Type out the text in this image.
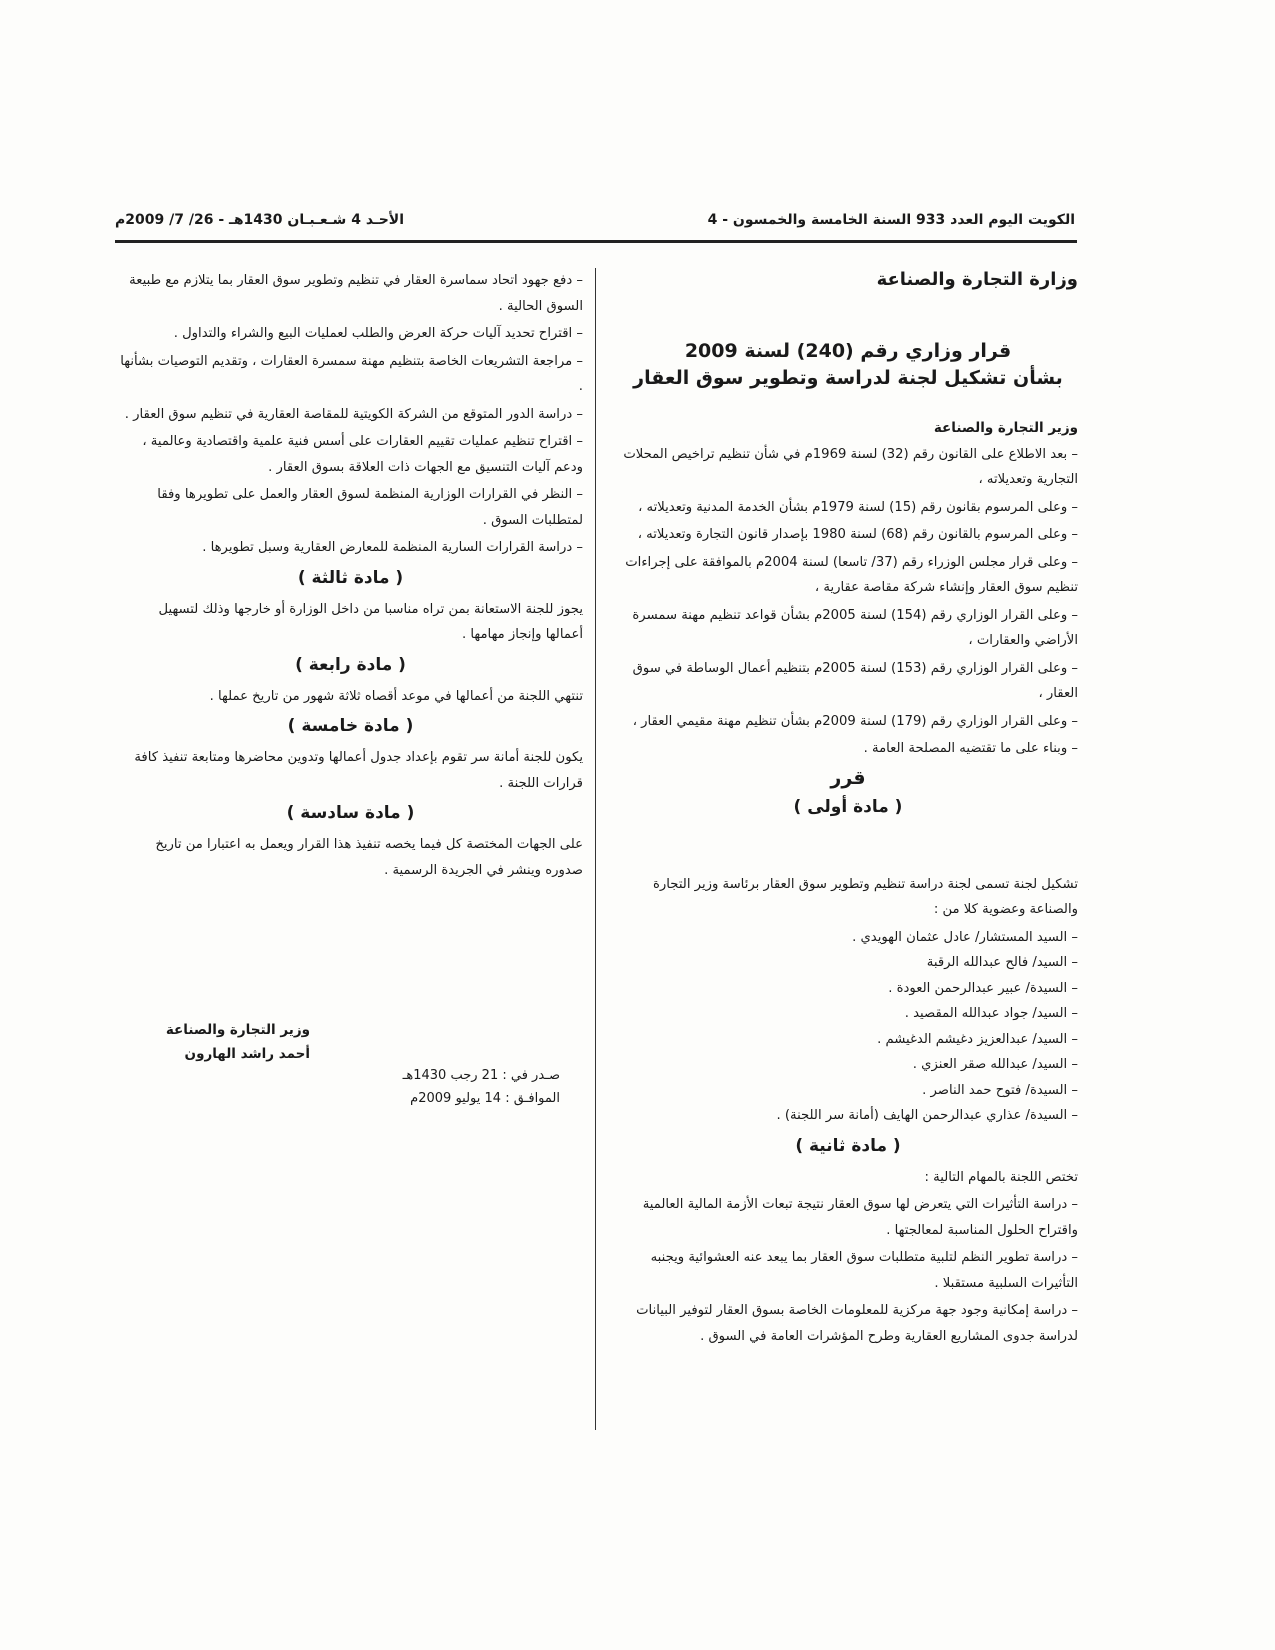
الكويت اليوم العدد 933 السنة الخامسة والخمسون - 4
الأحـد 4 شـعـبـان 1430هـ - 26/ 7/ 2009م
وزارة التجارة والصناعة
قرار وزاري رقم (240) لسنة 2009
بشأن تشكيل لجنة لدراسة وتطوير سوق العقار
وزير التجارة والصناعة

– بعد الاطلاع على القانون رقم (32) لسنة 1969م في شأن تنظيم تراخيص المحلات التجارية وتعديلاته ،

– وعلى المرسوم بقانون رقم (15) لسنة 1979م بشأن الخدمة المدنية وتعديلاته ،

– وعلى المرسوم بالقانون رقم (68) لسنة 1980 بإصدار قانون التجارة وتعديلاته ،

– وعلى قرار مجلس الوزراء رقم (37/ تاسعا) لسنة 2004م بالموافقة على إجراءات تنظيم سوق العقار وإنشاء شركة مقاصة عقارية ،

– وعلى القرار الوزاري رقم (154) لسنة 2005م بشأن قواعد تنظيم مهنة سمسرة الأراضي والعقارات ،

– وعلى القرار الوزاري رقم (153) لسنة 2005م بتنظيم أعمال الوساطة في سوق العقار ،

– وعلى القرار الوزاري رقم (179) لسنة 2009م بشأن تنظيم مهنة مقيمي العقار ،

– وبناء على ما تقتضيه المصلحة العامة .

قرر
( مادة أولى )

تشكيل لجنة تسمى لجنة دراسة تنظيم وتطوير سوق العقار برئاسة وزير التجارة والصناعة وعضوية كلا من :

– السيد المستشار/ عادل عثمان الهويدي .

– السيد/ فالح عبدالله الرقبة

– السيدة/ عبير عبدالرحمن العودة .

– السيد/ جواد عبدالله المقصيد .

– السيد/ عبدالعزيز دغيشم الدغيشم .

– السيد/ عبدالله صقر العنزي .

– السيدة/ فتوح حمد الناصر .

– السيدة/ عذاري عبدالرحمن الهايف (أمانة سر اللجنة) .

( مادة ثانية )

تختص اللجنة بالمهام التالية :

– دراسة التأثيرات التي يتعرض لها سوق العقار نتيجة تبعات الأزمة المالية العالمية واقتراح الحلول المناسبة لمعالجتها .

– دراسة تطوير النظم لتلبية متطلبات سوق العقار بما يبعد عنه العشوائية ويجنبه التأثيرات السلبية مستقبلا .

– دراسة إمكانية وجود جهة مركزية للمعلومات الخاصة بسوق العقار لتوفير البيانات لدراسة جدوى المشاريع العقارية وطرح المؤشرات العامة في السوق .

– دفع جهود اتحاد سماسرة العقار في تنظيم وتطوير سوق العقار بما يتلازم مع طبيعة السوق الحالية .

– اقتراح تحديد آليات حركة العرض والطلب لعمليات البيع والشراء والتداول .

– مراجعة التشريعات الخاصة بتنظيم مهنة سمسرة العقارات ، وتقديم التوصيات بشأنها .

– دراسة الدور المتوقع من الشركة الكويتية للمقاصة العقارية في تنظيم سوق العقار .

– اقتراح تنظيم عمليات تقييم العقارات على أسس فنية علمية واقتصادية وعالمية ، ودعم آليات التنسيق مع الجهات ذات العلاقة بسوق العقار .

– النظر في القرارات الوزارية المنظمة لسوق العقار والعمل على تطويرها وفقا لمتطلبات السوق .

– دراسة القرارات السارية المنظمة للمعارض العقارية وسبل تطويرها .

( مادة ثالثة )

يجوز للجنة الاستعانة بمن تراه مناسبا من داخل الوزارة أو خارجها وذلك لتسهيل أعمالها وإنجاز مهامها .

( مادة رابعة )

تنتهي اللجنة من أعمالها في موعد أقصاه ثلاثة شهور من تاريخ عملها .

( مادة خامسة )

يكون للجنة أمانة سر تقوم بإعداد جدول أعمالها وتدوين محاضرها ومتابعة تنفيذ كافة قرارات اللجنة .

( مادة سادسة )

على الجهات المختصة كل فيما يخصه تنفيذ هذا القرار ويعمل به اعتبارا من تاريخ صدوره وينشر في الجريدة الرسمية .

وزير التجارة والصناعة
أحمد راشد الهارون
صـدر في : 21 رجب 1430هـ
الموافـق : 14 يوليو 2009م
